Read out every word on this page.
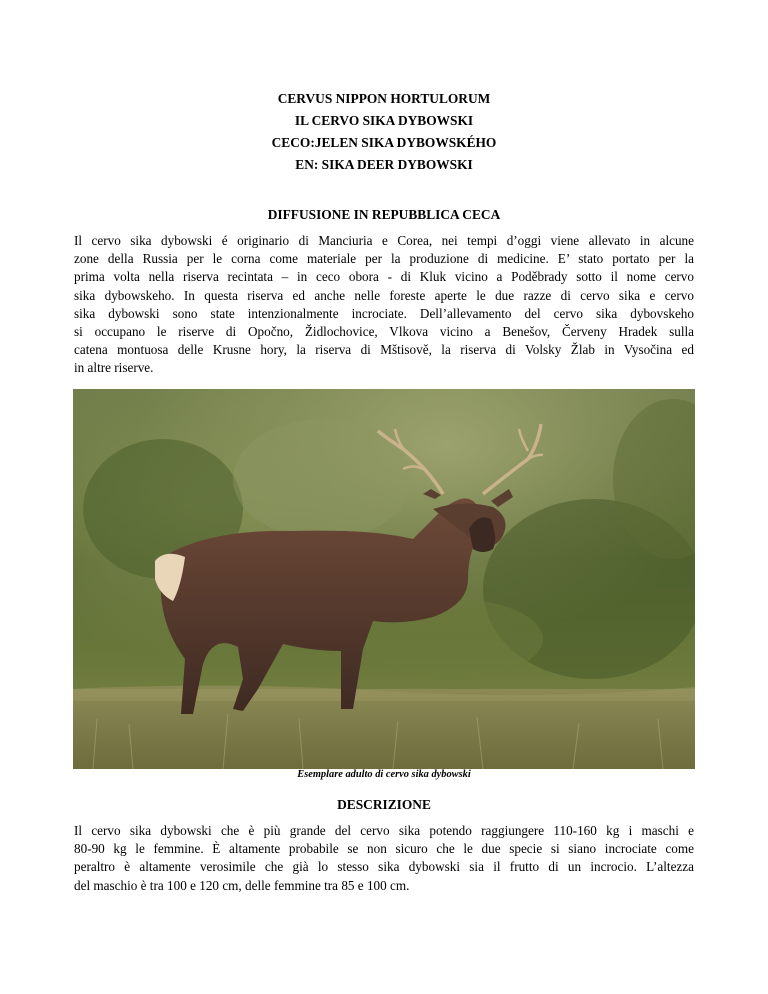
CERVUS NIPPON HORTULORUM
IL CERVO SIKA DYBOWSKI
CECO:JELEN SIKA DYBOWSKÉHO
EN: SIKA DEER DYBOWSKI
DIFFUSIONE IN REPUBBLICA CECA
Il cervo sika dybowski é originario di Manciuria e Corea, nei tempi d’oggi viene allevato in alcune
zone della Russia per le corna come materiale per la produzione di medicine. E’ stato portato per la
prima volta nella riserva recintata – in ceco obora - di Kluk vicino a Poděbrady sotto il nome cervo
sika dybowskeho. In questa riserva ed anche nelle foreste aperte le due razze di cervo sika e cervo
sika dybowski sono state intenzionalmente incrociate. Dell’allevamento del cervo sika dybovskeho
si occupano le riserve di Opočno, Židlochovice, Vlkova vicino a Benešov, Červeny Hradek sulla
catena montuosa delle Krusne hory, la riserva di Mštisově, la riserva di Volsky Žlab in Vysočina ed
in altre riserve.
Esemplare adulto di cervo sika dybowski
DESCRIZIONE
Il cervo sika dybowski che è più grande del cervo sika potendo raggiungere 110-160 kg i maschi e
80-90 kg le femmine. È altamente probabile se non sicuro che le due specie si siano incrociate come
peraltro è altamente verosimile che già lo stesso sika dybowski sia il frutto di un incrocio. L’altezza
del maschio è tra 100 e 120 cm, delle femmine tra 85 e 100 cm.
